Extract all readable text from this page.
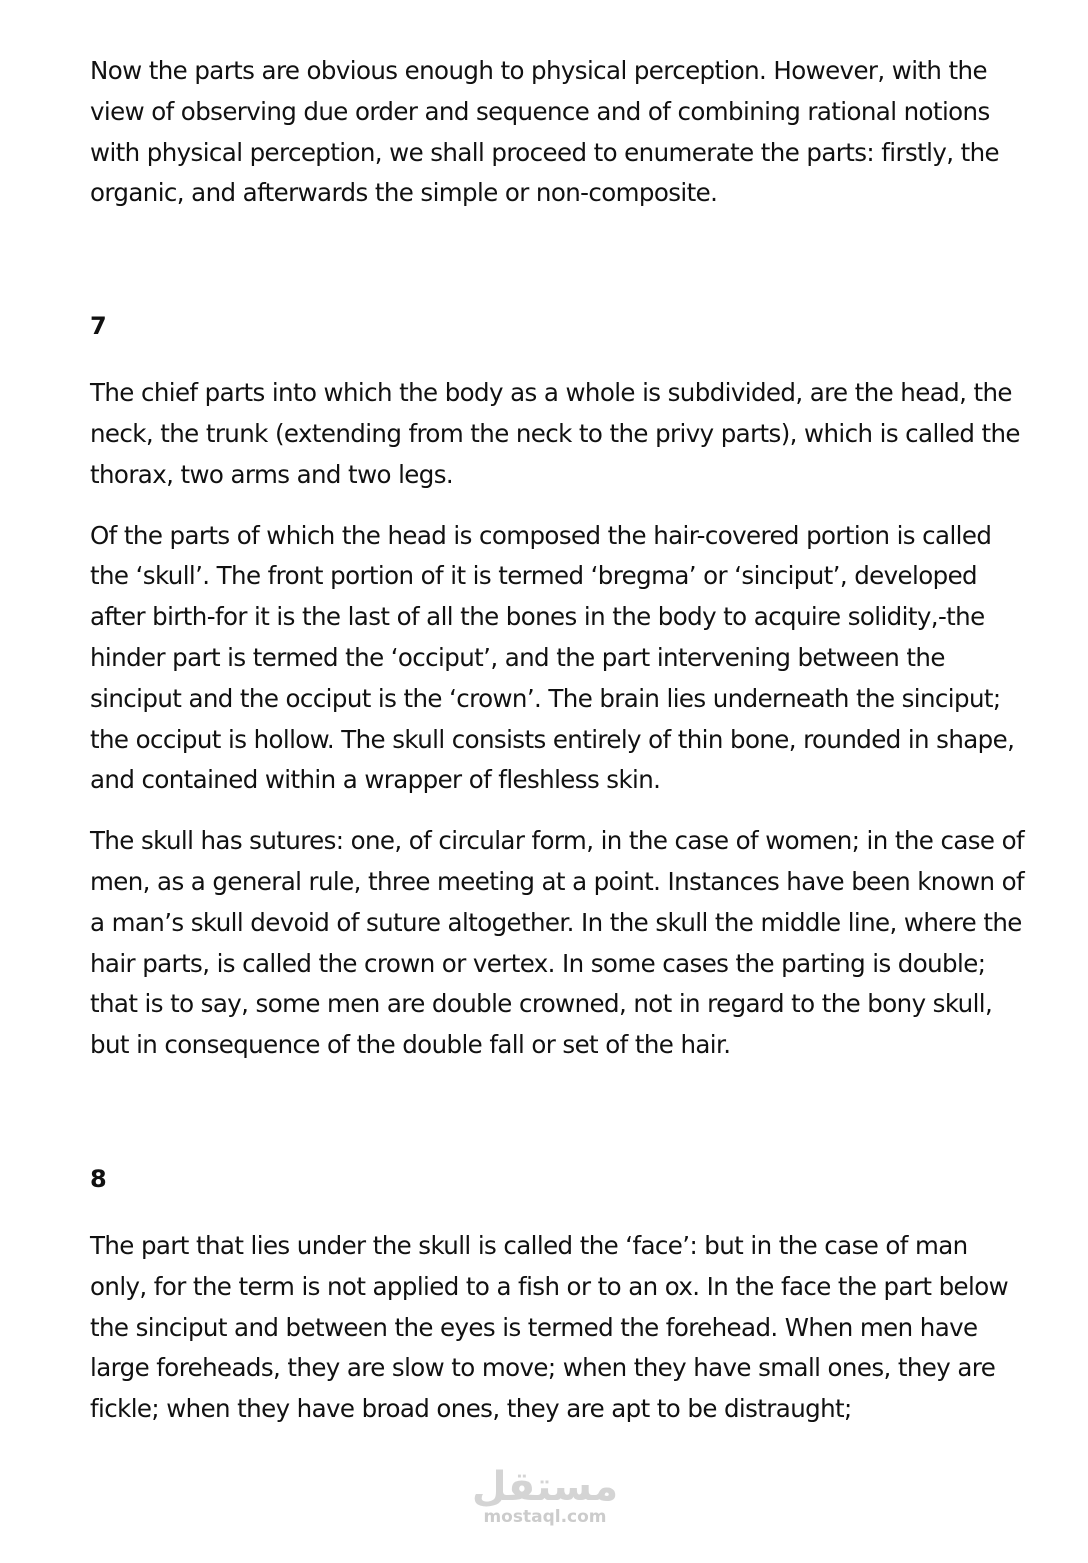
Now the parts are obvious enough to physical perception. However, with the view of observing due order and sequence and of combining rational notions with physical perception, we shall proceed to enumerate the parts: firstly, the organic, and afterwards the simple or non-composite.

7

The chief parts into which the body as a whole is subdivided, are the head, the neck, the trunk (extending from the neck to the privy parts), which is called the thorax, two arms and two legs.

Of the parts of which the head is composed the hair-covered portion is called the ‘skull’. The front portion of it is termed ‘bregma’ or ‘sinciput’, developed after birth-for it is the last of all the bones in the body to acquire solidity,-the hinder part is termed the ‘occiput’, and the part intervening between the sinciput and the occiput is the ‘crown’. The brain lies underneath the sinciput; the occiput is hollow. The skull consists entirely of thin bone, rounded in shape, and contained within a wrapper of fleshless skin.

The skull has sutures: one, of circular form, in the case of women; in the case of men, as a general rule, three meeting at a point. Instances have been known of a man’s skull devoid of suture altogether. In the skull the middle line, where the hair parts, is called the crown or vertex. In some cases the parting is double; that is to say, some men are double crowned, not in regard to the bony skull, but in consequence of the double fall or set of the hair.

8

The part that lies under the skull is called the ‘face’: but in the case of man only, for the term is not applied to a fish or to an ox. In the face the part below the sinciput and between the eyes is termed the forehead. When men have large foreheads, they are slow to move; when they have small ones, they are fickle; when they have broad ones, they are apt to be distraught;

مستقل
mostaql.com
